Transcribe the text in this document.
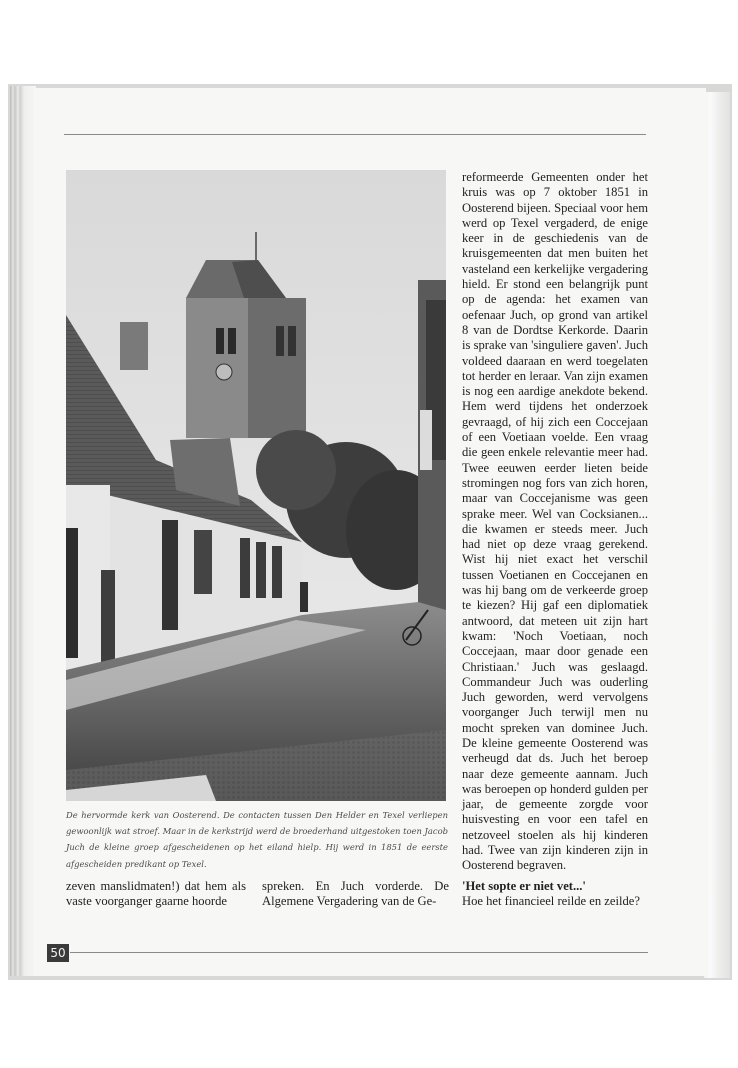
De hervormde kerk van Oosterend. De contacten tussen Den Helder en Texel verliepen gewoonlijk wat stroef. Maar in de kerkstrijd werd de broederhand uitgestoken toen Jacob Juch de kleine groep afgescheidenen op het eiland hielp. Hij werd in 1851 de eerste afgescheiden predikant op Texel.
reformeerde Gemeenten onder het kruis was op 7 oktober 1851 in Oosterend bijeen. Speciaal voor hem werd op Texel vergaderd, de enige keer in de geschiedenis van de kruisgemeenten dat men buiten het vasteland een kerkelijke vergadering hield. Er stond een belangrijk punt op de agenda: het examen van oefenaar Juch, op grond van artikel 8 van de Dordtse Kerkorde. Daarin is sprake van 'singuliere gaven'. Juch voldeed daaraan en werd toegelaten tot herder en leraar. Van zijn examen is nog een aardige anekdote bekend. Hem werd tijdens het onderzoek gevraagd, of hij zich een Coccejaan of een Voetiaan voelde. Een vraag die geen enkele relevantie meer had. Twee eeuwen eerder lieten beide stromingen nog fors van zich horen, maar van Coccejanisme was geen sprake meer. Wel van Cocksianen... die kwamen er steeds meer. Juch had niet op deze vraag gerekend. Wist hij niet exact het verschil tussen Voetianen en Coccejanen en was hij bang om de verkeerde groep te kiezen? Hij gaf een diplomatiek antwoord, dat meteen uit zijn hart kwam: 'Noch Voetiaan, noch Coccejaan, maar door genade een Christiaan.' Juch was geslaagd. Commandeur Juch was ouderling Juch geworden, werd vervolgens voorganger Juch terwijl men nu mocht spreken van dominee Juch. De kleine gemeente Oosterend was verheugd dat ds. Juch het beroep naar deze gemeente aannam. Juch was beroepen op honderd gulden per jaar, de gemeente zorgde voor huisvesting en voor een tafel en netzoveel stoelen als hij kinderen had. Twee van zijn kinderen zijn in Oosterend begraven.
zeven manslidmaten!) dat hem als vaste voorganger gaarne hoorde
spreken. En Juch vorderde. De Algemene Vergadering van de Ge-
'Het sopte er niet vet...'
Hoe het financieel reilde en zeilde?
50
